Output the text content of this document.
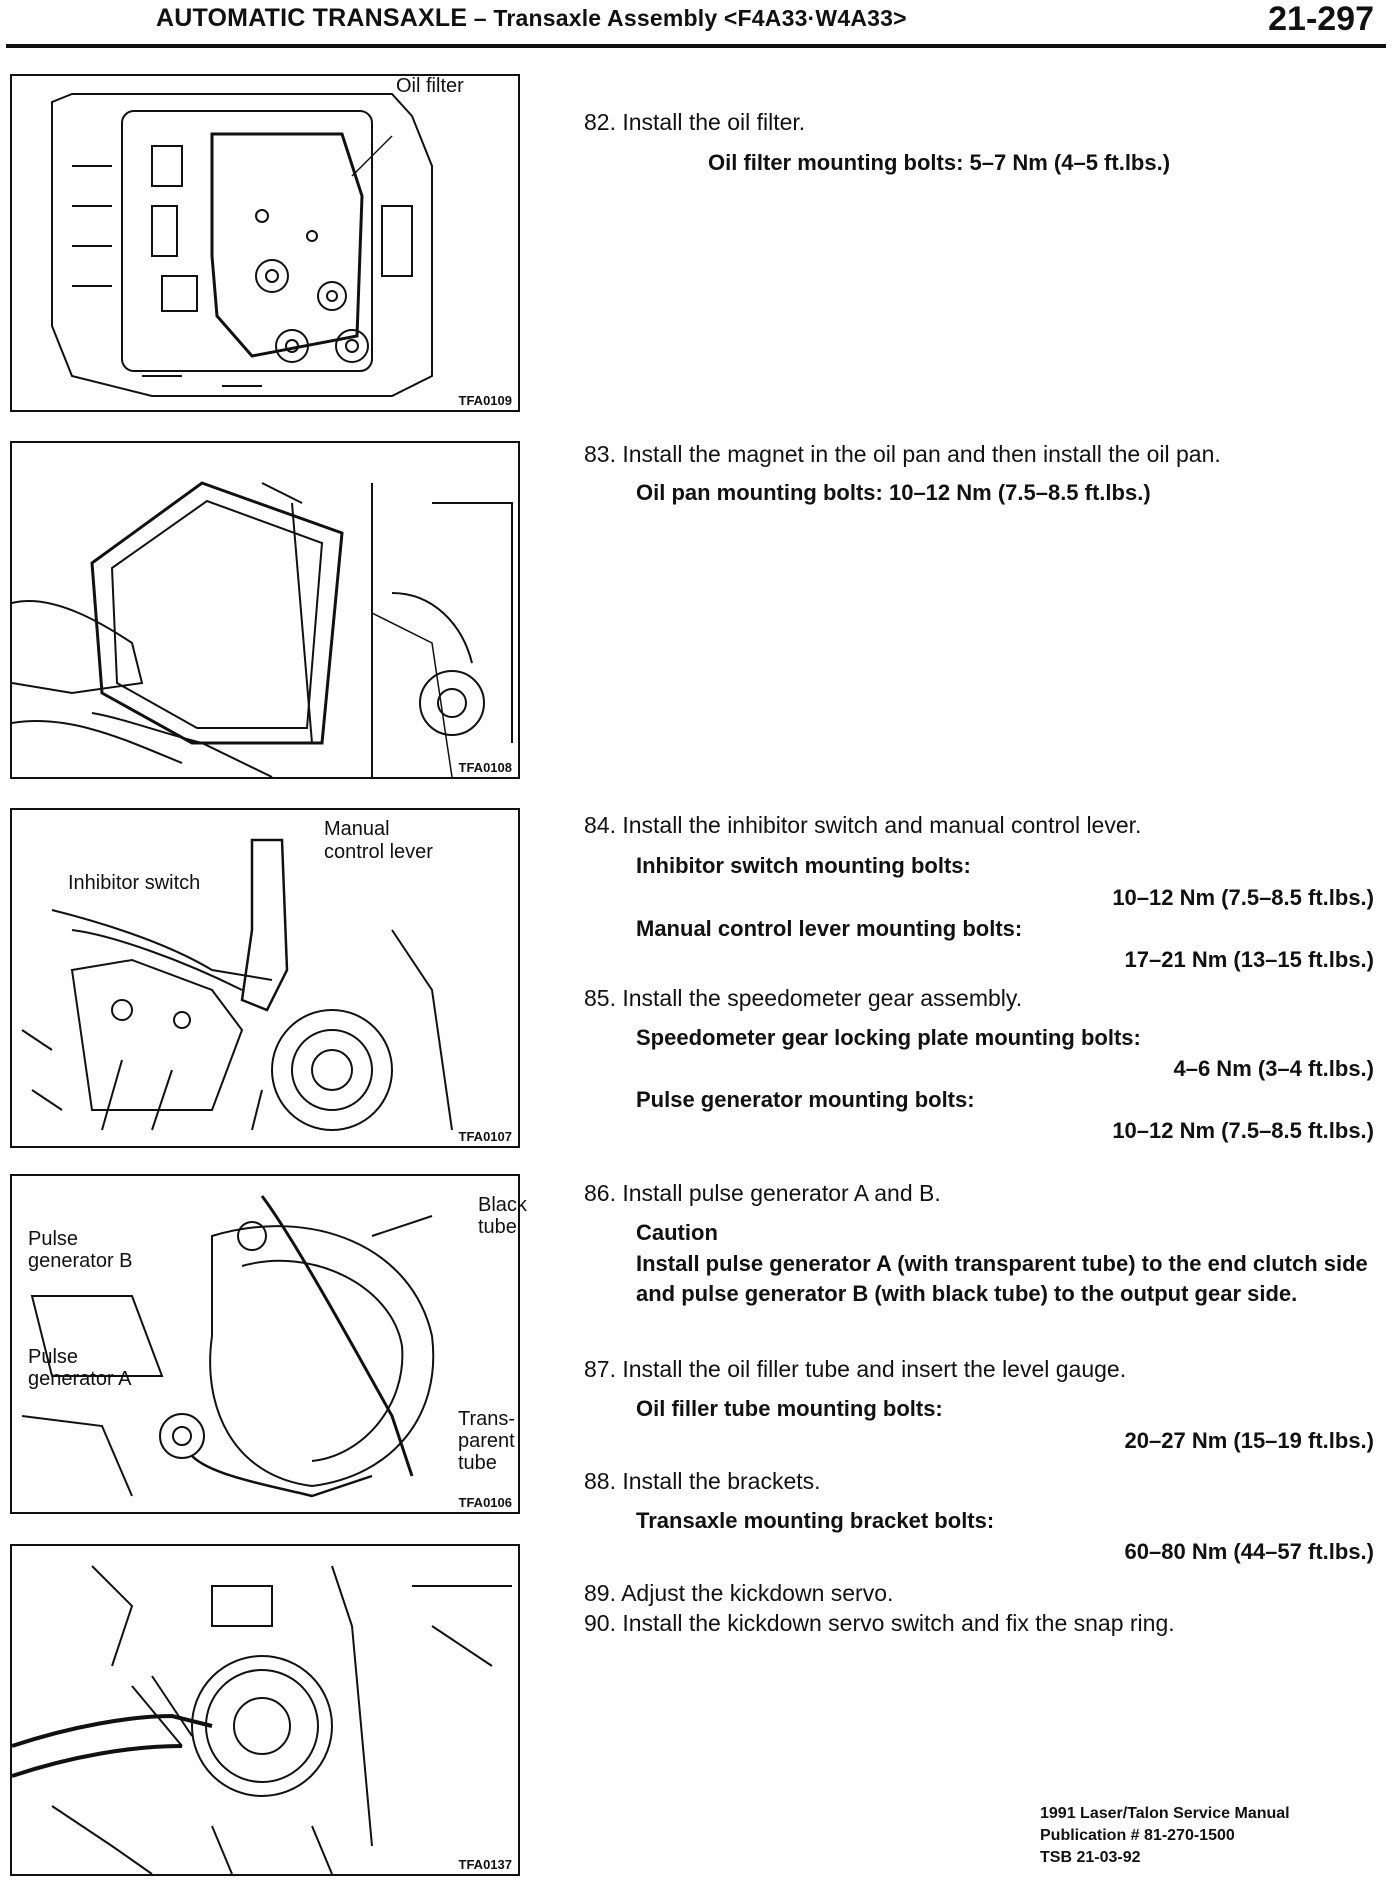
AUTOMATIC TRANSAXLE – Transaxle Assembly <F4A33·W4A33>	21-297
Oil filter
TFA0109
TFA0108
Manual
control lever
Inhibitor switch
TFA0107
Black
tube
Pulse
generator B
Pulse
generator A
Trans-
parent
tube
TFA0106
TFA0137
82. Install the oil filter.
Oil filter mounting bolts: 5–7 Nm (4–5 ft.lbs.)
83. Install the magnet in the oil pan and then install the oil pan.
Oil pan mounting bolts: 10–12 Nm (7.5–8.5 ft.lbs.)
84. Install the inhibitor switch and manual control lever.
Inhibitor switch mounting bolts:
10–12 Nm (7.5–8.5 ft.lbs.)
Manual control lever mounting bolts:
17–21 Nm (13–15 ft.lbs.)
85. Install the speedometer gear assembly.
Speedometer gear locking plate mounting bolts:
4–6 Nm (3–4 ft.lbs.)
Pulse generator mounting bolts:
10–12 Nm (7.5–8.5 ft.lbs.)
86. Install pulse generator A and B.
Caution
Install pulse generator A (with transparent tube) to the end clutch side and pulse generator B (with black tube) to the output gear side.
87. Install the oil filler tube and insert the level gauge.
Oil filler tube mounting bolts:
20–27 Nm (15–19 ft.lbs.)
88. Install the brackets.
Transaxle mounting bracket bolts:
60–80 Nm (44–57 ft.lbs.)
89. Adjust the kickdown servo.
90. Install the kickdown servo switch and fix the snap ring.
1991 Laser/Talon Service Manual
Publication # 81-270-1500
TSB 21-03-92
